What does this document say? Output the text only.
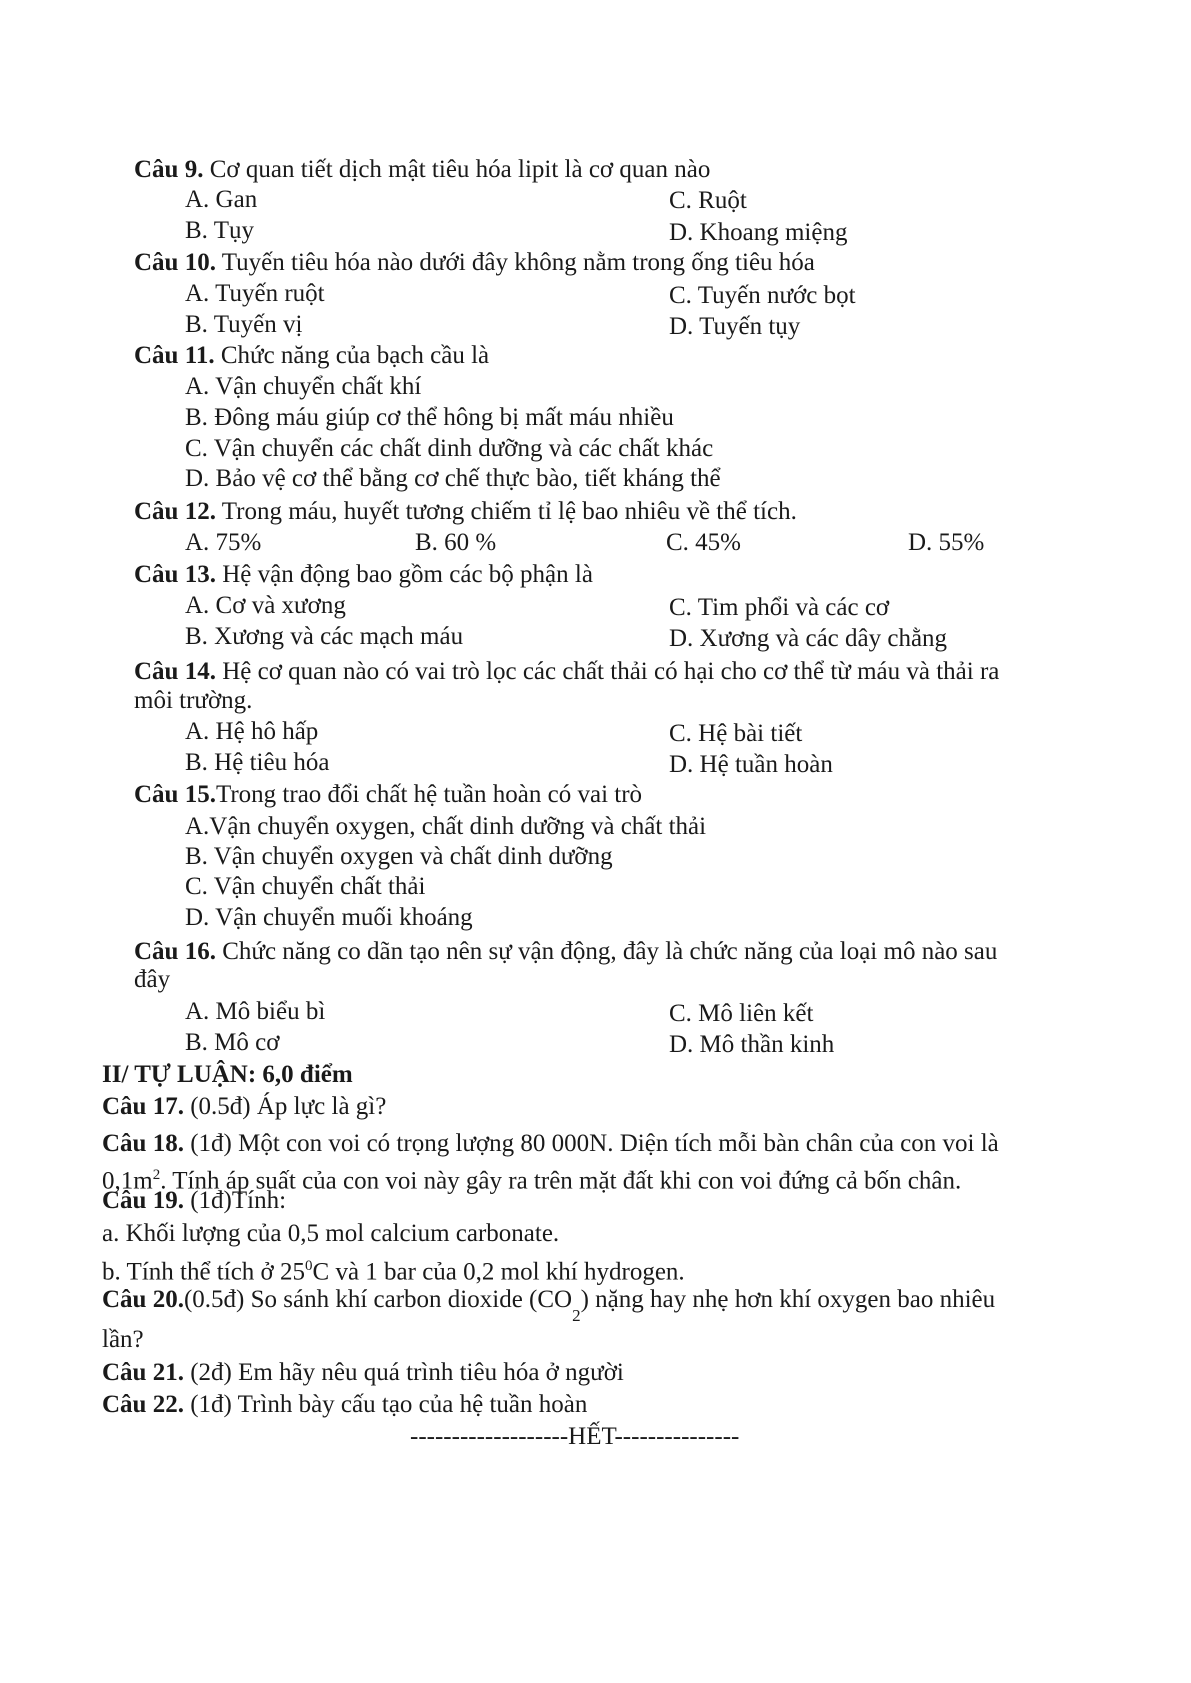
Câu 9. Cơ quan tiết dịch mật tiêu hóa lipit là cơ quan nào
A. Gan	C. Ruột
B. Tụy	D. Khoang miệng
Câu 10. Tuyến tiêu hóa nào dưới đây không nằm trong ống tiêu hóa
A. Tuyến ruột	C. Tuyến nước bọt
B. Tuyến vị	D. Tuyến tụy
Câu 11. Chức năng của bạch cầu là
A. Vận chuyển chất khí
B. Đông máu giúp cơ thể hông bị mất máu nhiều
C. Vận chuyển các chất dinh dưỡng và các chất khác
D. Bảo vệ cơ thể bằng cơ chế thực bào, tiết kháng thể
Câu 12. Trong máu, huyết tương chiếm tỉ lệ bao nhiêu về thể tích.
A. 75%	B. 60 %	C. 45%	D. 55%
Câu 13. Hệ vận động bao gồm các bộ phận là
A. Cơ và xương	C. Tim phổi và các cơ
B. Xương và các mạch máu	D. Xương và các dây chằng
Câu 14. Hệ cơ quan nào có vai trò lọc các chất thải có hại cho cơ thể từ máu và thải ra
môi trường.
A. Hệ hô hấp	C. Hệ bài tiết
B. Hệ tiêu hóa	D. Hệ tuần hoàn
Câu 15.Trong trao đổi chất hệ tuần hoàn có vai trò
A.Vận chuyển oxygen, chất dinh dưỡng và chất thải
B. Vận chuyển oxygen và chất dinh dưỡng
C. Vận chuyển chất thải
D. Vận chuyển muối khoáng
Câu 16. Chức năng co dãn tạo nên sự vận động, đây là chức năng của loại mô nào sau
đây
A. Mô biểu bì	C. Mô liên kết
B. Mô cơ	D. Mô thần kinh
II/ TỰ LUẬN: 6,0 điểm
Câu 17. (0.5đ) Áp lực là gì?
Câu 18. (1đ) Một con voi có trọng lượng 80 000N. Diện tích mỗi bàn chân của con voi là
$0,1m^2$. Tính áp suất của con voi này gây ra trên mặt đất khi con voi đứng cả bốn chân.
Câu 19. (1đ)Tính:
a. Khối lượng của 0,5 mol calcium carbonate.
b. Tính thể tích ở $25^0C$ và 1 bar của 0,2 mol khí hydrogen.
Câu 20.(0.5đ) So sánh khí carbon dioxide $(CO_2)$ nặng hay nhẹ hơn khí oxygen bao nhiêu
lần?
Câu 21. (2đ) Em hãy nêu quá trình tiêu hóa ở người
Câu 22. (1đ) Trình bày cấu tạo của hệ tuần hoàn
-------------------HẾT---------------
